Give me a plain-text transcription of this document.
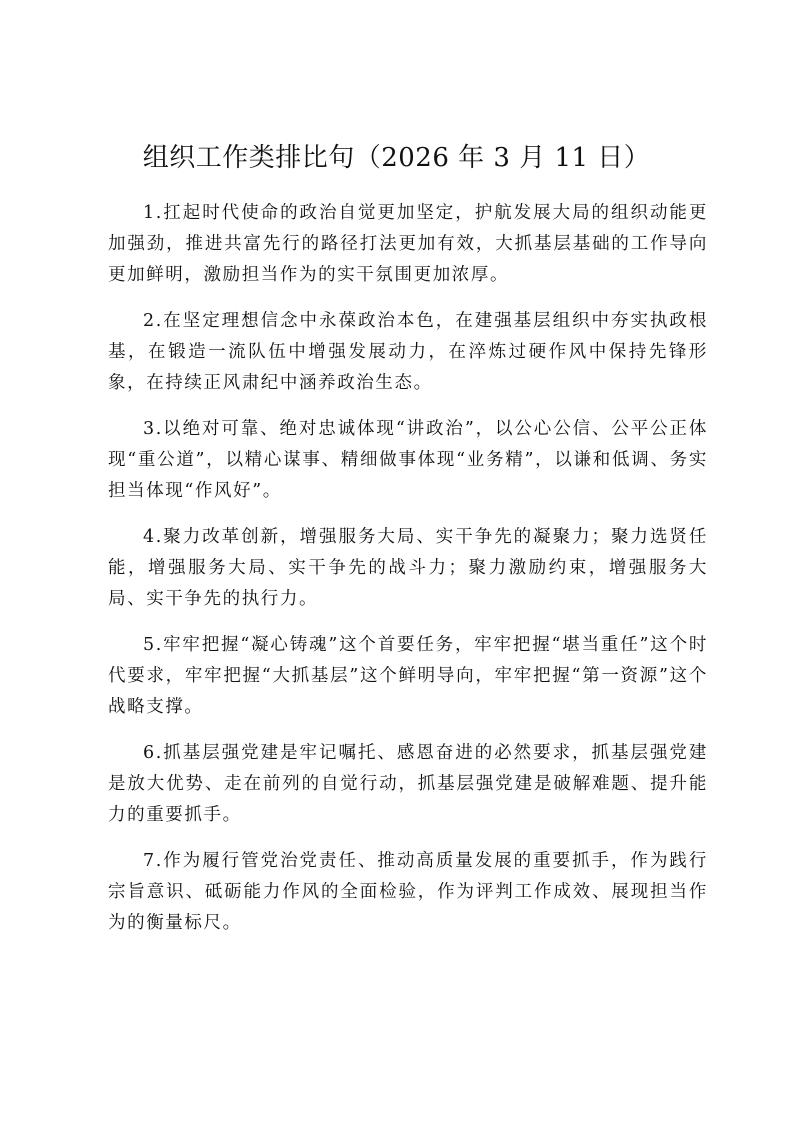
组织工作类排比句（2026 年 3 月 11 日）

1.扛起时代使命的政治自觉更加坚定，护航发展大局的组织动能更加强劲，推进共富先行的路径打法更加有效，大抓基层基础的工作导向更加鲜明，激励担当作为的实干氛围更加浓厚。

2.在坚定理想信念中永葆政治本色，在建强基层组织中夯实执政根基，在锻造一流队伍中增强发展动力，在淬炼过硬作风中保持先锋形象，在持续正风肃纪中涵养政治生态。

3.以绝对可靠、绝对忠诚体现“讲政治”，以公心公信、公平公正体现“重公道”，以精心谋事、精细做事体现“业务精”，以谦和低调、务实担当体现“作风好”。

4.聚力改革创新，增强服务大局、实干争先的凝聚力；聚力选贤任能，增强服务大局、实干争先的战斗力；聚力激励约束，增强服务大局、实干争先的执行力。

5.牢牢把握“凝心铸魂”这个首要任务，牢牢把握“堪当重任”这个时代要求，牢牢把握“大抓基层”这个鲜明导向，牢牢把握“第一资源”这个战略支撑。

6.抓基层强党建是牢记嘱托、感恩奋进的必然要求，抓基层强党建是放大优势、走在前列的自觉行动，抓基层强党建是破解难题、提升能力的重要抓手。

7.作为履行管党治党责任、推动高质量发展的重要抓手，作为践行宗旨意识、砥砺能力作风的全面检验，作为评判工作成效、展现担当作为的衡量标尺。
